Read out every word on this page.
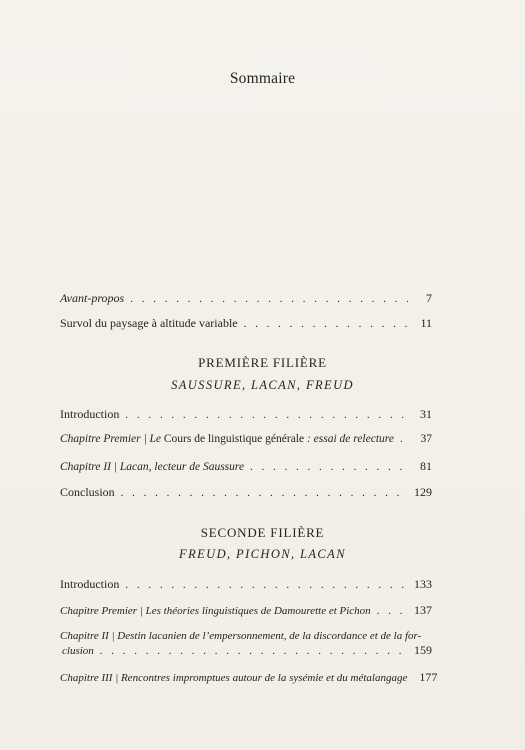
Sommaire
Avant-propos . . .	7
Survol du paysage à altitude variable . . .	11
PREMIÈRE FILIÈRE
SAUSSURE, LACAN, FREUD
Introduction . . .	31
Chapitre Premier | Le Cours de linguistique générale : essai de relecture . . .	37
Chapitre II | Lacan, lecteur de Saussure . . .	81
Conclusion . . .	129
SECONDE FILIÈRE
FREUD, PICHON, LACAN
Introduction . . .	133
Chapitre Premier | Les théories linguistiques de Damourette et Pichon . . .	137
Chapitre II | Destin lacanien de l’empersonnement, de la discordance et de la for-
clusion . . .	159
Chapitre III | Rencontres impromptues autour de la sysémie et du métalangage 177
